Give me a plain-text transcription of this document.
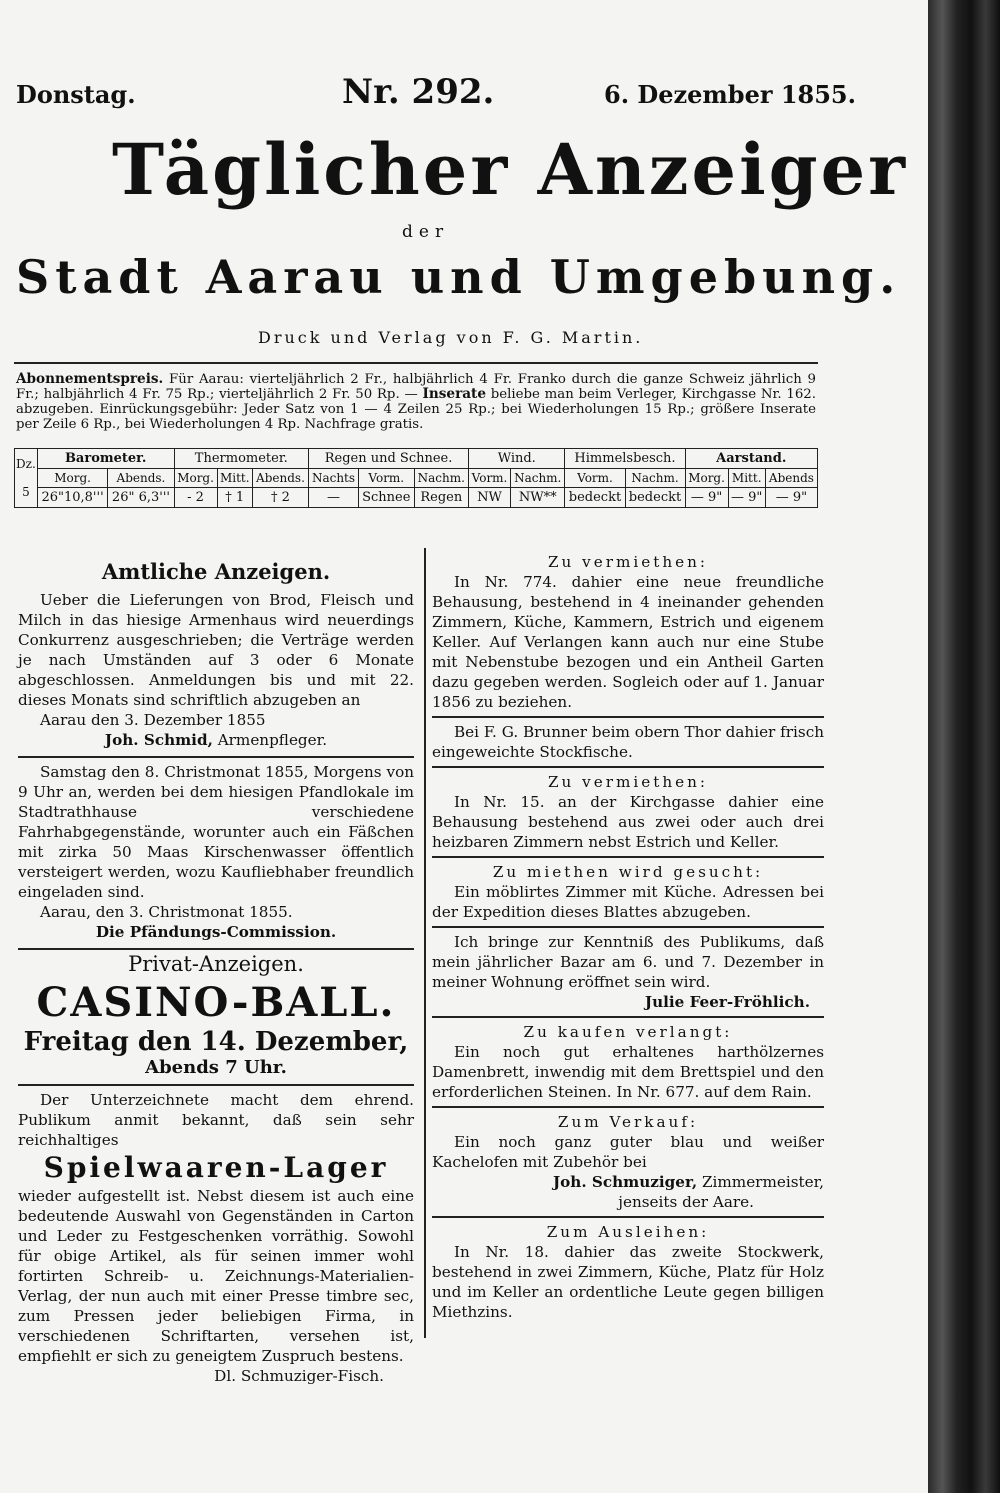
Donstag.	Nr. 292.	6. Dezember 1855.
Täglicher Anzeiger
der
Stadt Aarau und Umgebung.
Druck und Verlag von F. G. Martin.
Abonnementspreis. Für Aarau: vierteljährlich 2 Fr., halbjährlich 4 Fr. Franko durch die ganze Schweiz jährlich 9 Fr.; halbjährlich 4 Fr. 75 Rp.; vierteljährlich 2 Fr. 50 Rp. — Inserate beliebe man beim Verleger, Kirchgasse Nr. 162. abzugeben. Einrückungsgebühr: Jeder Satz von 1 — 4 Zeilen 25 Rp.; bei Wiederholungen 15 Rp.; größere Inserate per Zeile 6 Rp., bei Wiederholungen 4 Rp. Nachfrage gratis.
Dz.

5	Barometer.		Thermometer.			Regen und Schnee.			Wind.		Himmelsbesch.		Aarstand.		
	Morg.	Abends.	Morg.	Mitt.	Abends.	Nachts	Vorm.	Nachm.	Vorm.	Nachm.	Vorm.	Nachm.	Morg.	Mitt.	Abends
	26"10,8'''	26" 6,3'''	- 2	† 1	† 2	—	Schnee	Regen	NW	NW**	bedeckt	bedeckt	— 9"	— 9"	— 9"
Amtliche Anzeigen.
Ueber die Lieferungen von Brod, Fleisch und Milch in das hiesige Armenhaus wird neuerdings Conkurrenz ausgeschrieben; die Verträge werden je nach Umständen auf 3 oder 6 Monate abgeschlossen. Anmeldungen bis und mit 22. dieses Monats sind schriftlich abzugeben an
Aarau den 3. Dezember 1855
Joh. Schmid, Armenpfleger.
Samstag den 8. Christmonat 1855, Morgens von 9 Uhr an, werden bei dem hiesigen Pfandlokale im Stadtrathhause verschiedene Fahrhabgegenstände, worunter auch ein Fäßchen mit zirka 50 Maas Kirschenwasser öffentlich versteigert werden, wozu Kaufliebhaber freundlich eingeladen sind.
Aarau, den 3. Christmonat 1855.
Die Pfändungs-Commission.
Privat-Anzeigen.
CASINO-BALL.
Freitag den 14. Dezember,
Abends 7 Uhr.
Der Unterzeichnete macht dem ehrend. Publikum anmit bekannt, daß sein sehr reichhaltiges
Spielwaaren-Lager
wieder aufgestellt ist. Nebst diesem ist auch eine bedeutende Auswahl von Gegenständen in Carton und Leder zu Festgeschenken vorräthig. Sowohl für obige Artikel, als für seinen immer wohl fortirten Schreib- u. Zeichnungs-Materialien-Verlag, der nun auch mit einer Presse timbre sec, zum Pressen jeder beliebigen Firma, in verschiedenen Schriftarten, versehen ist, empfiehlt er sich zu geneigtem Zuspruch bestens.
Dl. Schmuziger-Fisch.
Zu vermiethen:
In Nr. 774. dahier eine neue freundliche Behausung, bestehend in 4 ineinander gehenden Zimmern, Küche, Kammern, Estrich und eigenem Keller. Auf Verlangen kann auch nur eine Stube mit Nebenstube bezogen und ein Antheil Garten dazu gegeben werden. Sogleich oder auf 1. Januar 1856 zu beziehen.
Bei F. G. Brunner beim obern Thor dahier frisch eingeweichte Stockfische.
Zu vermiethen:
In Nr. 15. an der Kirchgasse dahier eine Behausung bestehend aus zwei oder auch drei heizbaren Zimmern nebst Estrich und Keller.
Zu miethen wird gesucht:
Ein möblirtes Zimmer mit Küche. Adressen bei der Expedition dieses Blattes abzugeben.
Ich bringe zur Kenntniß des Publikums, daß mein jährlicher Bazar am 6. und 7. Dezember in meiner Wohnung eröffnet sein wird.
Julie Feer-Fröhlich.
Zu kaufen verlangt:
Ein noch gut erhaltenes harthölzernes Damenbrett, inwendig mit dem Brettspiel und den erforderlichen Steinen. In Nr. 677. auf dem Rain.
Zum Verkauf:
Ein noch ganz guter blau und weißer Kachelofen mit Zubehör bei
Joh. Schmuziger, Zimmermeister,
jenseits der Aare.
Zum Ausleihen:
In Nr. 18. dahier das zweite Stockwerk, bestehend in zwei Zimmern, Küche, Platz für Holz und im Keller an ordentliche Leute gegen billigen Miethzins.
